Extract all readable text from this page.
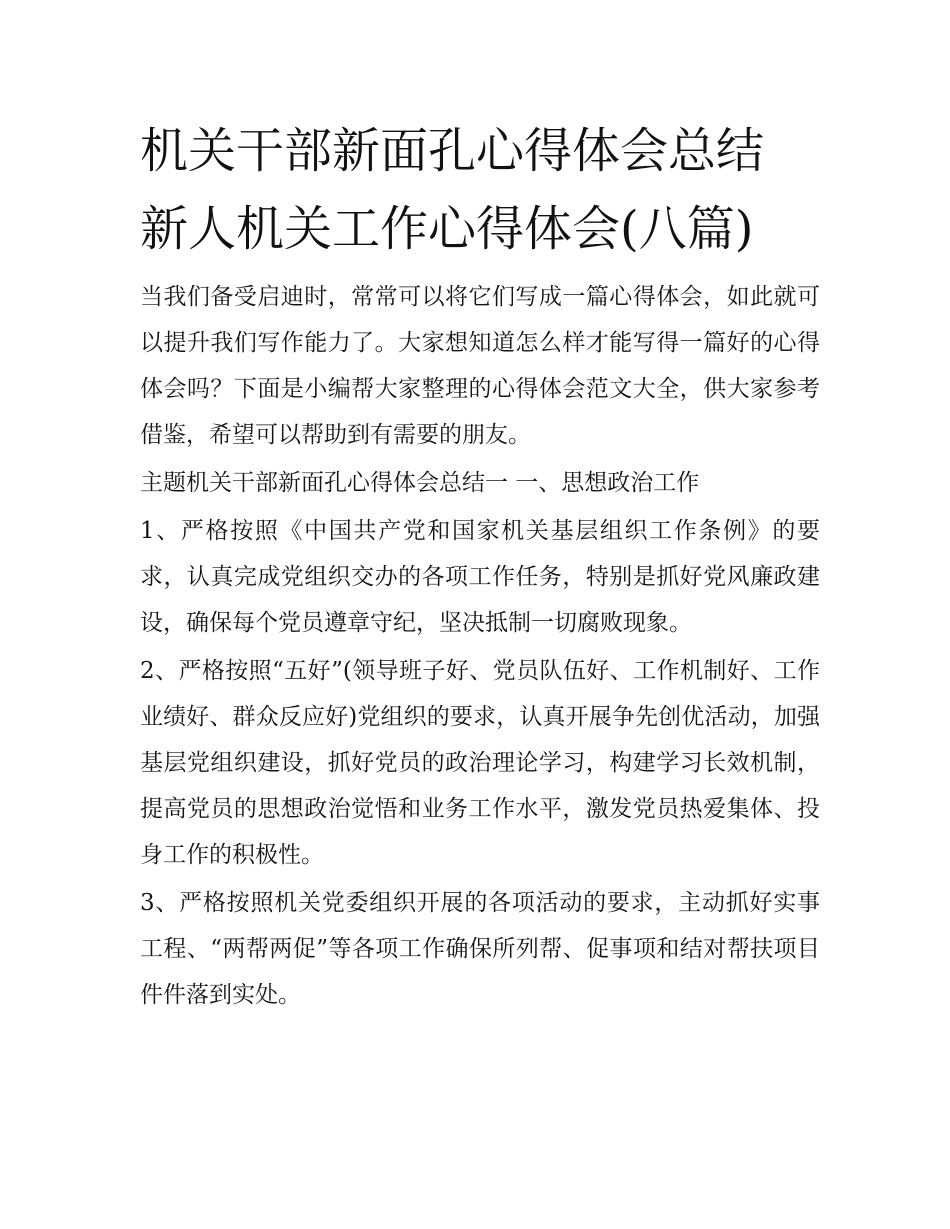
机关干部新面孔心得体会总结
新人机关工作心得体会(八篇)

当我们备受启迪时，常常可以将它们写成一篇心得体会，如此就可以提升我们写作能力了。大家想知道怎么样才能写得一篇好的心得体会吗？下面是小编帮大家整理的心得体会范文大全，供大家参考借鉴，希望可以帮助到有需要的朋友。

主题机关干部新面孔心得体会总结一 一、思想政治工作

1、严格按照《中国共产党和国家机关基层组织工作条例》的要求，认真完成党组织交办的各项工作任务，特别是抓好党风廉政建设，确保每个党员遵章守纪，坚决抵制一切腐败现象。

2、严格按照“五好”(领导班子好、党员队伍好、工作机制好、工作业绩好、群众反应好)党组织的要求，认真开展争先创优活动，加强基层党组织建设，抓好党员的政治理论学习，构建学习长效机制，提高党员的思想政治觉悟和业务工作水平，激发党员热爱集体、投身工作的积极性。

3、严格按照机关党委组织开展的各项活动的要求，主动抓好实事工程、“两帮两促”等各项工作确保所列帮、促事项和结对帮扶项目件件落到实处。
